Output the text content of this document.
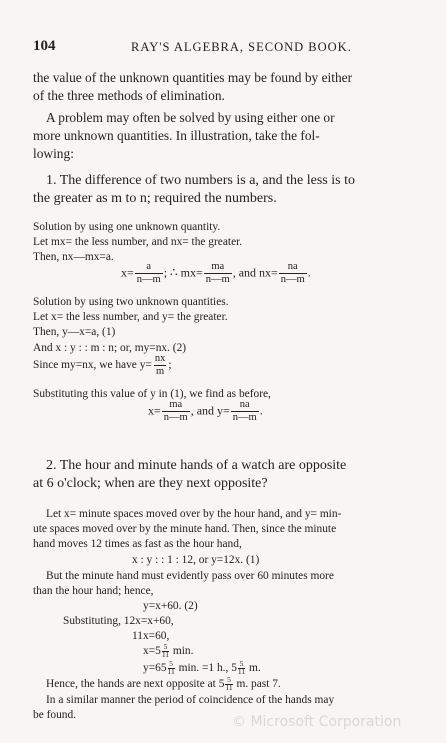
104	RAY'S ALGEBRA, SECOND BOOK.
the value of the unknown quantities may be found by either
of the three methods of elimination.
A problem may often be solved by using either one or
more unknown quantities. In illustration, take the fol-
lowing:
1. The difference of two numbers is a, and the less is to
the greater as m to n; required the numbers.
Solution by using one unknown quantity.
Let mx= the less number, and nx= the greater.
Then, nx—mx=a.
$x= \frac{a}{n—m}$ ; ∴ $mx= \frac{ma}{n—m}$ , and $nx= \frac{na}{n—m}$ .
Solution by using two unknown quantities.
Let x= the less number, and y= the greater.
Then, y—x=a, (1)
And x : y : : m : n; or, my=nx. (2)
Since my=nx, we have $y= \frac{nx}{m}$ ;
Substituting this value of y in (1), we find as before,
$x= \frac{ma}{n—m}$ , and $y= \frac{na}{n—m}$ .
2. The hour and minute hands of a watch are opposite
at 6 o'clock; when are they next opposite?
Let x= minute spaces moved over by the hour hand, and y= min-
ute spaces moved over by the minute hand. Then, since the minute
hand moves 12 times as fast as the hour hand,
x : y : : 1 : 12, or y=12x. (1)
But the minute hand must evidently pass over 60 minutes more
than the hour hand; hence,
y=x+60. (2)
Substituting, 12x=x+60,
11x=60,
$x=5 \frac{5}{11} \min$.
$y=65 \frac{5}{11} \min$. =1 h., $5 \frac{5}{11} m$.
Hence, the hands are next opposite at $5 \frac{5}{11} m$. past 7.
In a similar manner the period of coincidence of the hands may
be found.	© Microsoft Corporation
